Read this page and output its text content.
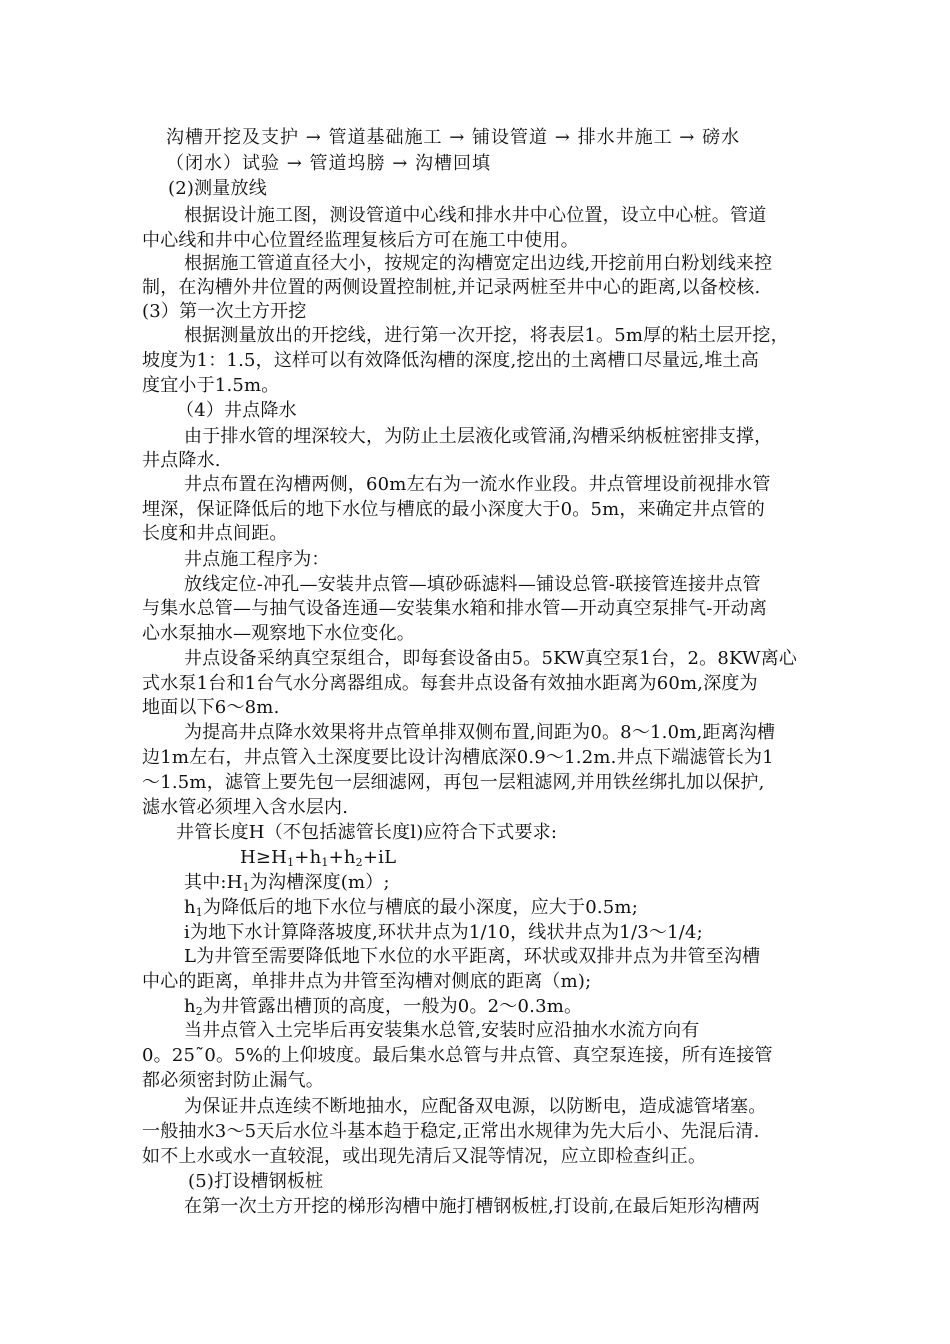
沟槽开挖及支护 → 管道基础施工 → 铺设管道 → 排水井施工 → 磅水

（闭水）试验 → 管道坞膀 → 沟槽回填

(2)测量放线

根据设计施工图，测设管道中心线和排水井中心位置，设立中心桩。管道

中心线和井中心位置经监理复核后方可在施工中使用。

根据施工管道直径大小，按规定的沟槽宽定出边线,开挖前用白粉划线来控

制，在沟槽外井位置的两侧设置控制桩,并记录两桩至井中心的距离,以备校核.

(3）第一次土方开挖

根据测量放出的开挖线，进行第一次开挖，将表层1。5m厚的粘土层开挖，

坡度为1：1.5，这样可以有效降低沟槽的深度,挖出的土离槽口尽量远,堆土高

度宜小于1.5m。

（4）井点降水

由于排水管的埋深较大，为防止土层液化或管涌,沟槽采纳板桩密排支撑，

井点降水.

井点布置在沟槽两侧，60m左右为一流水作业段。井点管埋设前视排水管

埋深，保证降低后的地下水位与槽底的最小深度大于0。5m，来确定井点管的

长度和井点间距。

井点施工程序为：

放线定位-冲孔—安装井点管—填砂砾滤料—铺设总管-联接管连接井点管

与集水总管—与抽气设备连通—安装集水箱和排水管—开动真空泵排气-开动离

心水泵抽水—观察地下水位变化。

井点设备采纳真空泵组合，即每套设备由5。5KW真空泵1台，2。8KW离心

式水泵1台和1台气水分离器组成。每套井点设备有效抽水距离为60m,深度为

地面以下6～8m.

为提高井点降水效果将井点管单排双侧布置,间距为0。8～1.0m,距离沟槽

边1m左右，井点管入土深度要比设计沟槽底深0.9～1.2m.井点下端滤管长为1

～1.5m，滤管上要先包一层细滤网，再包一层粗滤网,并用铁丝绑扎加以保护,

滤水管必须埋入含水层内.

井管长度H（不包括滤管长度l)应符合下式要求:

$H\ge H_1+h_1+h_2+iL$

其中$:H_1$为沟槽深度(m）;

$h_1$为降低后的地下水位与槽底的最小深度，应大于0.5m;

i为地下水计算降落坡度,环状井点为1/10，线状井点为1/3～1/4;

L为井管至需要降低地下水位的水平距离，环状或双排井点为井管至沟槽

中心的距离，单排井点为井管至沟槽对侧底的距离（m);

$h_2$为井管露出槽顶的高度，一般为0。2～0.3m。

当井点管入土完毕后再安装集水总管,安装时应沿抽水水流方向有

0。25˜0。5%的上仰坡度。最后集水总管与井点管、真空泵连接，所有连接管

都必须密封防止漏气。

为保证井点连续不断地抽水，应配备双电源，以防断电，造成滤管堵塞。

一般抽水3～5天后水位斗基本趋于稳定,正常出水规律为先大后小、先混后清.

如不上水或水一直较混，或出现先清后又混等情况，应立即检查纠正。

(5)打设槽钢板桩

在第一次土方开挖的梯形沟槽中施打槽钢板桩,打设前,在最后矩形沟槽两
